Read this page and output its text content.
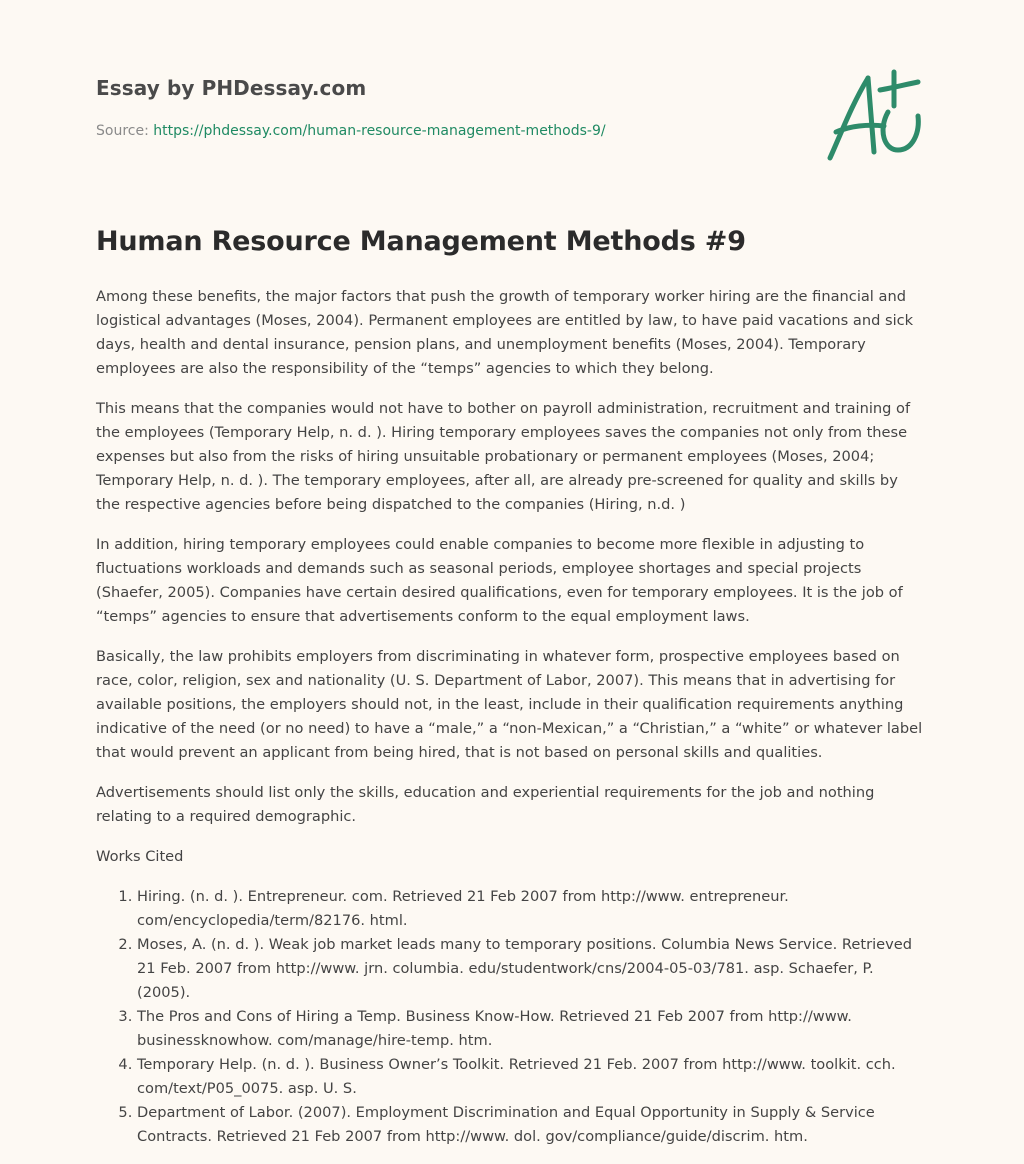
Essay by PHDessay.com
Source: https://phdessay.com/human-resource-management-methods-9/
Human Resource Management Methods #9

Among these benefits, the major factors that push the growth of temporary worker hiring are the financial and logistical advantages (Moses, 2004). Permanent employees are entitled by law, to have paid vacations and sick days, health and dental insurance, pension plans, and unemployment benefits (Moses, 2004). Temporary employees are also the responsibility of the “temps” agencies to which they belong.

This means that the companies would not have to bother on payroll administration, recruitment and training of the employees (Temporary Help, n. d. ). Hiring temporary employees saves the companies not only from these expenses but also from the risks of hiring unsuitable probationary or permanent employees (Moses, 2004; Temporary Help, n. d. ). The temporary employees, after all, are already pre-screened for quality and skills by the respective agencies before being dispatched to the companies (Hiring, n.d. )

In addition, hiring temporary employees could enable companies to become more flexible in adjusting to fluctuations workloads and demands such as seasonal periods, employee shortages and special projects (Shaefer, 2005). Companies have certain desired qualifications, even for temporary employees. It is the job of “temps” agencies to ensure that advertisements conform to the equal employment laws.

Basically, the law prohibits employers from discriminating in whatever form, prospective employees based on race, color, religion, sex and nationality (U. S. Department of Labor, 2007). This means that in advertising for available positions, the employers should not, in the least, include in their qualification requirements anything indicative of the need (or no need) to have a “male,” a “non-Mexican,” a “Christian,” a “white” or whatever label that would prevent an applicant from being hired, that is not based on personal skills and qualities.

Advertisements should list only the skills, education and experiential requirements for the job and nothing relating to a required demographic.

Works Cited

1. Hiring. (n. d. ). Entrepreneur. com. Retrieved 21 Feb 2007 from http://www. entrepreneur. com/encyclopedia/term/82176. html.
2. Moses, A. (n. d. ). Weak job market leads many to temporary positions. Columbia News Service. Retrieved 21 Feb. 2007 from http://www. jrn. columbia. edu/studentwork/cns/2004-05-03/781. asp. Schaefer, P. (2005).
3. The Pros and Cons of Hiring a Temp. Business Know-How. Retrieved 21 Feb 2007 from http://www. businessknowhow. com/manage/hire-temp. htm.
4. Temporary Help. (n. d. ). Business Owner’s Toolkit. Retrieved 21 Feb. 2007 from http://www. toolkit. cch. com/text/P05_0075. asp. U. S.
5. Department of Labor. (2007). Employment Discrimination and Equal Opportunity in Supply & Service Contracts. Retrieved 21 Feb 2007 from http://www. dol. gov/compliance/guide/discrim. htm.
